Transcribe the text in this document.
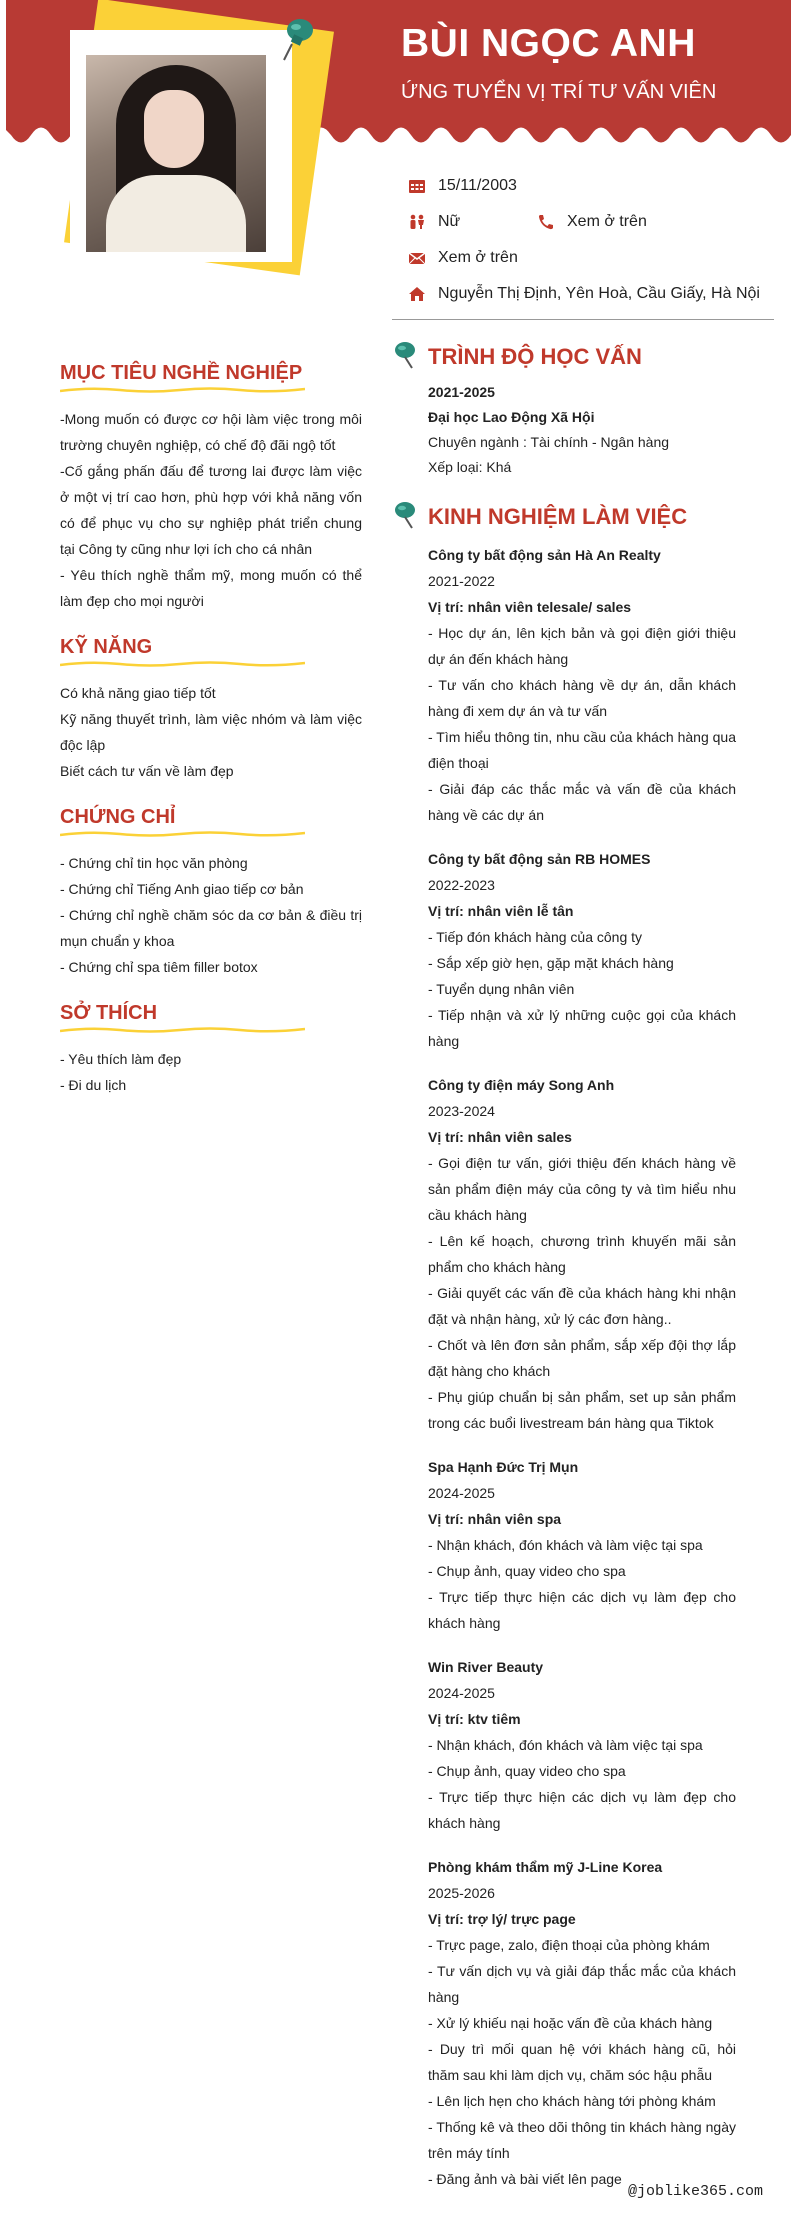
BÙI NGỌC ANH
ỨNG TUYỂN VỊ TRÍ TƯ VẤN VIÊN
15/11/2003
Nữ	Xem ở trên
Xem ở trên
Nguyễn Thị Định, Yên Hoà, Cầu Giấy, Hà Nội
MỤC TIÊU NGHỀ NGHIỆP
-Mong muốn có được cơ hội làm việc trong môi trường chuyên nghiệp, có chế độ đãi ngộ tốt
-Cố gắng phấn đấu để tương lai được làm việc ở một vị trí cao hơn, phù hợp với khả năng vốn có để phục vụ cho sự nghiệp phát triển chung tại Công ty cũng như lợi ích cho cá nhân
- Yêu thích nghề thẩm mỹ, mong muốn có thể làm đẹp cho mọi người
KỸ NĂNG
Có khả năng giao tiếp tốt
Kỹ năng thuyết trình, làm việc nhóm và làm việc độc lập
Biết cách tư vấn về làm đẹp
CHỨNG CHỈ
- Chứng chỉ tin học văn phòng
- Chứng chỉ Tiếng Anh giao tiếp cơ bản
- Chứng chỉ nghề chăm sóc da cơ bản & điều trị mụn chuẩn y khoa
- Chứng chỉ spa tiêm filler botox
SỞ THÍCH
- Yêu thích làm đẹp
- Đi du lịch
TRÌNH ĐỘ HỌC VẤN
2021-2025
Đại học Lao Động Xã Hội
Chuyên ngành : Tài chính - Ngân hàng
Xếp loại: Khá
KINH NGHIỆM LÀM VIỆC
Công ty bất động sản Hà An Realty
2021-2022
Vị trí: nhân viên telesale/ sales
- Học dự án, lên kịch bản và gọi điện giới thiệu dự án đến khách hàng
- Tư vấn cho khách hàng về dự án, dẫn khách hàng đi xem dự án và tư vấn
- Tìm hiểu thông tin, nhu cầu của khách hàng qua điện thoại
- Giải đáp các thắc mắc và vấn đề của khách hàng về các dự án
Công ty bất động sản RB HOMES
2022-2023
Vị trí: nhân viên lễ tân
- Tiếp đón khách hàng của công ty
- Sắp xếp giờ hẹn, gặp mặt khách hàng
- Tuyển dụng nhân viên
- Tiếp nhận và xử lý những cuộc gọi của khách hàng
Công ty điện máy Song Anh
2023-2024
Vị trí: nhân viên sales
- Gọi điện tư vấn, giới thiệu đến khách hàng về sản phẩm điện máy của công ty và tìm hiểu nhu cầu khách hàng
- Lên kế hoạch, chương trình khuyến mãi sản phẩm cho khách hàng
- Giải quyết các vấn đề của khách hàng khi nhận đặt và nhận hàng, xử lý các đơn hàng..
- Chốt và lên đơn sản phẩm, sắp xếp đội thợ lắp đặt hàng cho khách
- Phụ giúp chuẩn bị sản phẩm, set up sản phẩm trong các buổi livestream bán hàng qua Tiktok
Spa Hạnh Đức Trị Mụn
2024-2025
Vị trí: nhân viên spa
- Nhận khách, đón khách và làm việc tại spa
- Chụp ảnh, quay video cho spa
- Trực tiếp thực hiện các dịch vụ làm đẹp cho khách hàng
Win River Beauty
2024-2025
Vị trí: ktv tiêm
- Nhận khách, đón khách và làm việc tại spa
- Chụp ảnh, quay video cho spa
- Trực tiếp thực hiện các dịch vụ làm đẹp cho khách hàng
Phòng khám thẩm mỹ J-Line Korea
2025-2026
Vị trí: trợ lý/ trực page
- Trực page, zalo, điện thoại của phòng khám
- Tư vấn dịch vụ và giải đáp thắc mắc của khách hàng
- Xử lý khiếu nại hoặc vấn đề của khách hàng
- Duy trì mối quan hệ với khách hàng cũ, hỏi thăm sau khi làm dịch vụ, chăm sóc hậu phẫu
- Lên lịch hẹn cho khách hàng tới phòng khám
- Thống kê và theo dõi thông tin khách hàng ngày trên máy tính
- Đăng ảnh và bài viết lên page
@joblike365.com
